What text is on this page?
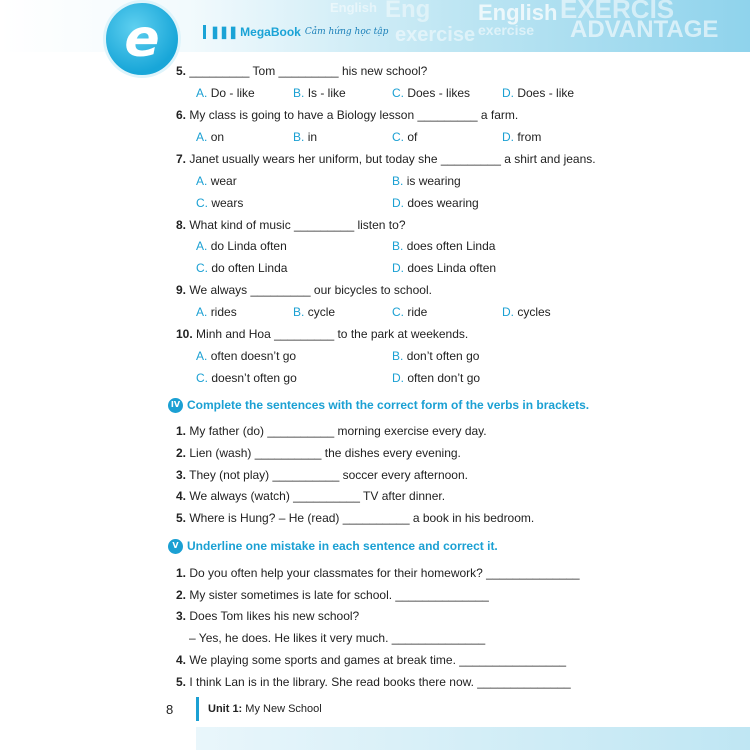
English EXERCIS
exercise ADVANTAGE
Eng
English
exercise
e	❚❚❚ MegaBook Cảm hứng học tập
5. _________ Tom _________ his new school?
A. Do - like	B. Is - like	C. Does - likes	D. Does - like
6. My class is going to have a Biology lesson _________ a farm.
A. on	B. in	C. of	D. from
7. Janet usually wears her uniform, but today she _________ a shirt and jeans.
A. wear	B. is wearing
C. wears	D. does wearing
8. What kind of music _________ listen to?
A. do Linda often	B. does often Linda
C. do often Linda	D. does Linda often
9. We always _________ our bicycles to school.
A. rides	B. cycle	C. ride	D. cycles
10. Minh and Hoa _________ to the park at weekends.
A. often doesn’t go	B. don’t often go
C. doesn’t often go	D. often don’t go
IV Complete the sentences with the correct form of the verbs in brackets.
1. My father (do) __________ morning exercise every day.
2. Lien (wash) __________ the dishes every evening.
3. They (not play) __________ soccer every afternoon.
4. We always (watch) __________ TV after dinner.
5. Where is Hung? – He (read) __________ a book in his bedroom.
V Underline one mistake in each sentence and correct it.
1. Do you often help your classmates for their homework? ______________
2. My sister sometimes is late for school. ______________
3. Does Tom likes his new school?
– Yes, he does. He likes it very much. ______________
4. We playing some sports and games at break time. ________________
5. I think Lan is in the library. She read books there now. ______________
8	Unit 1: My New School
